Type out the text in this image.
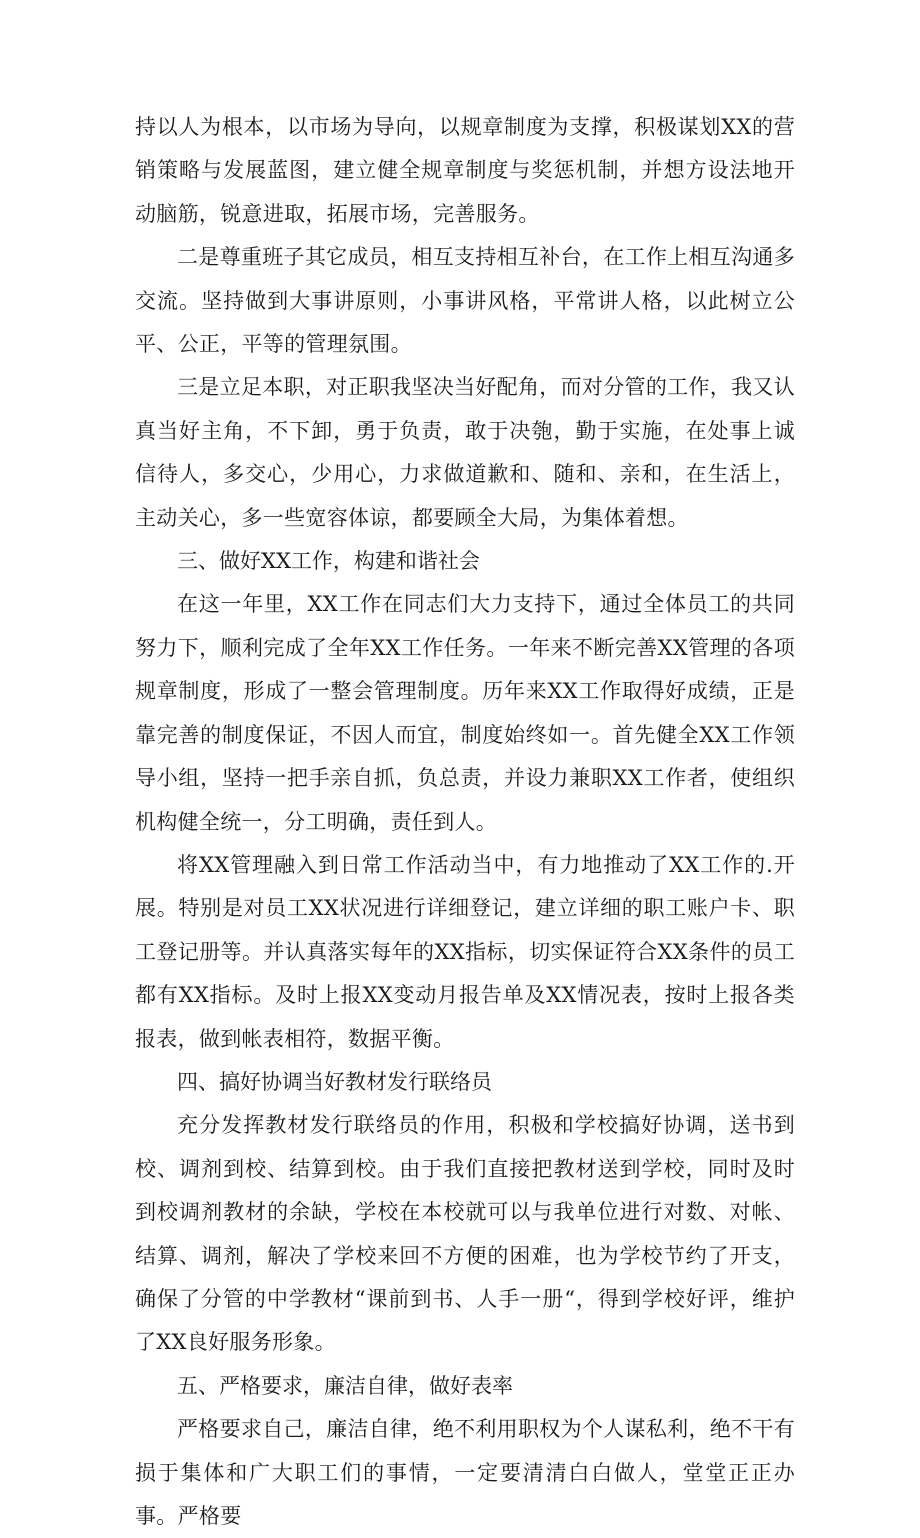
持以人为根本，以市场为导向，以规章制度为支撑，积极谋划XX的营销策略与发展蓝图，建立健全规章制度与奖惩机制，并想方设法地开动脑筋，锐意进取，拓展市场，完善服务。

二是尊重班子其它成员，相互支持相互补台，在工作上相互沟通多交流。坚持做到大事讲原则，小事讲风格，平常讲人格，以此树立公平、公正，平等的管理氛围。

三是立足本职，对正职我坚决当好配角，而对分管的工作，我又认真当好主角，不下卸，勇于负责，敢于决匏，勤于实施，在处事上诚信待人，多交心，少用心，力求做道歉和、随和、亲和，在生活上，主动关心，多一些宽容体谅，都要顾全大局，为集体着想。

三、做好XX工作，构建和谐社会

在这一年里，XX工作在同志们大力支持下，通过全体员工的共同努力下，顺利完成了全年XX工作任务。一年来不断完善XX管理的各项规章制度，形成了一整会管理制度。历年来XX工作取得好成绩，正是靠完善的制度保证，不因人而宜，制度始终如一。首先健全XX工作领导小组，坚持一把手亲自抓，负总责，并设力兼职XX工作者，使组织机构健全统一，分工明确，责任到人。

将XX管理融入到日常工作活动当中，有力地推动了XX工作的.开展。特别是对员工XX状况进行详细登记，建立详细的职工账户卡、职工登记册等。并认真落实每年的XX指标，切实保证符合XX条件的员工都有XX指标。及时上报XX变动月报告单及XX情况表，按时上报各类报表，做到帐表相符，数据平衡。

四、搞好协调当好教材发行联络员

充分发挥教材发行联络员的作用，积极和学校搞好协调，送书到校、调剂到校、结算到校。由于我们直接把教材送到学校，同时及时到校调剂教材的余缺，学校在本校就可以与我单位进行对数、对帐、结算、调剂，解决了学校来回不方便的困难，也为学校节约了开支，确保了分管的中学教材“课前到书、人手一册“，得到学校好评，维护了XX良好服务形象。

五、严格要求，廉洁自律，做好表率

严格要求自己，廉洁自律，绝不利用职权为个人谋私利，绝不干有损于集体和广大职工们的事情，一定要清清白白做人，堂堂正正办事。严格要
